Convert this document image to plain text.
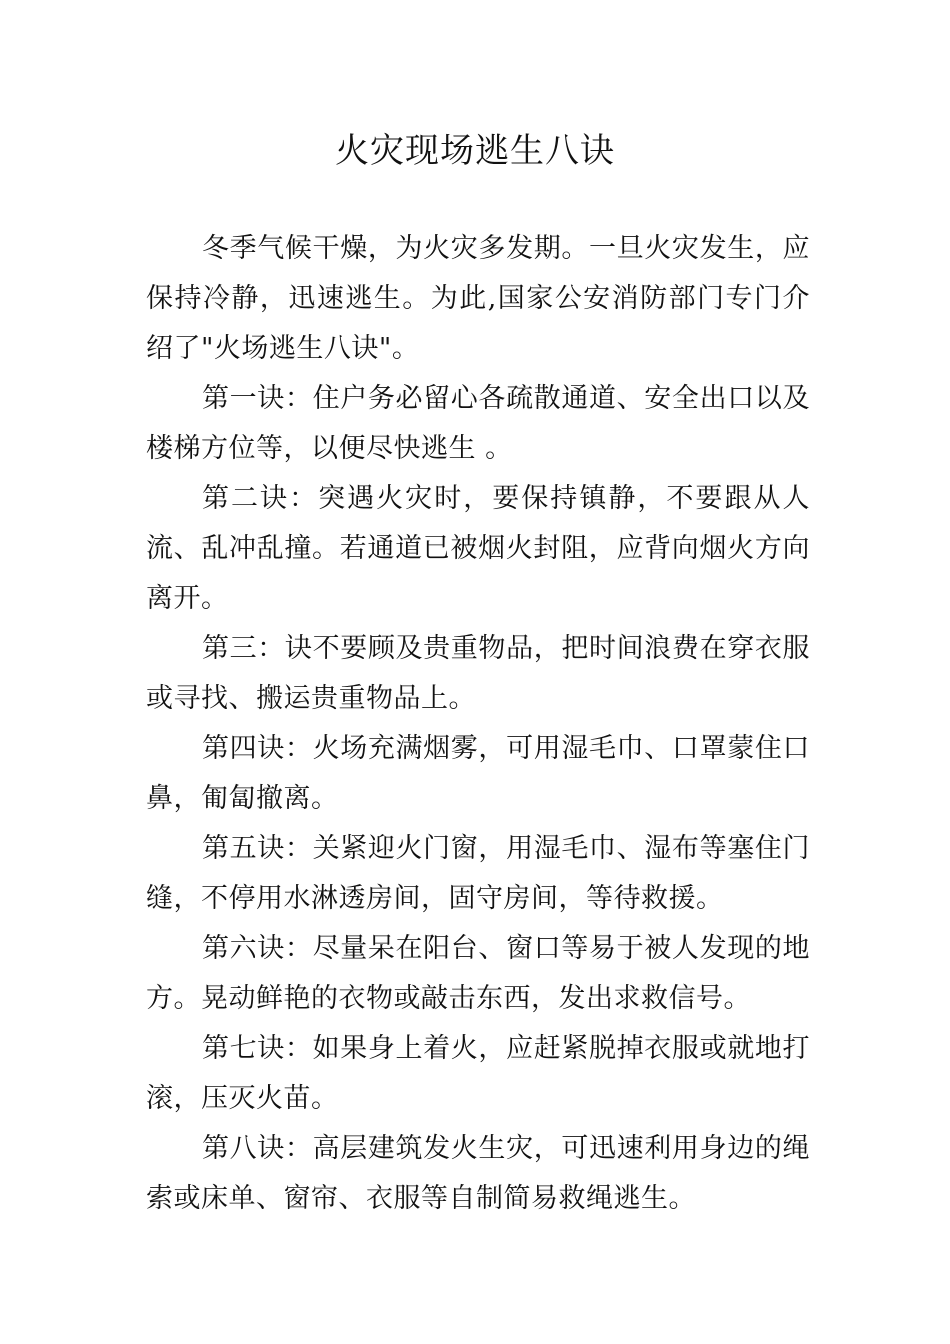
火灾现场逃生八诀

冬季气候干燥，为火灾多发期。一旦火灾发生，应保持冷静，迅速逃生。为此,国家公安消防部门专门介绍了"火场逃生八诀"。

第一诀：住户务必留心各疏散通道、安全出口以及楼梯方位等，以便尽快逃生 。

第二诀：突遇火灾时，要保持镇静，不要跟从人流、乱冲乱撞。若通道已被烟火封阻，应背向烟火方向离开。

第三：诀不要顾及贵重物品，把时间浪费在穿衣服或寻找、搬运贵重物品上。

第四诀：火场充满烟雾，可用湿毛巾、口罩蒙住口鼻，匍匐撤离。

第五诀：关紧迎火门窗，用湿毛巾、湿布等塞住门缝，不停用水淋透房间，固守房间，等待救援。

第六诀：尽量呆在阳台、窗口等易于被人发现的地方。晃动鲜艳的衣物或敲击东西，发出求救信号。

第七诀：如果身上着火，应赶紧脱掉衣服或就地打滚，压灭火苗。

第八诀：高层建筑发火生灾，可迅速利用身边的绳索或床单、窗帘、衣服等自制简易救绳逃生。
